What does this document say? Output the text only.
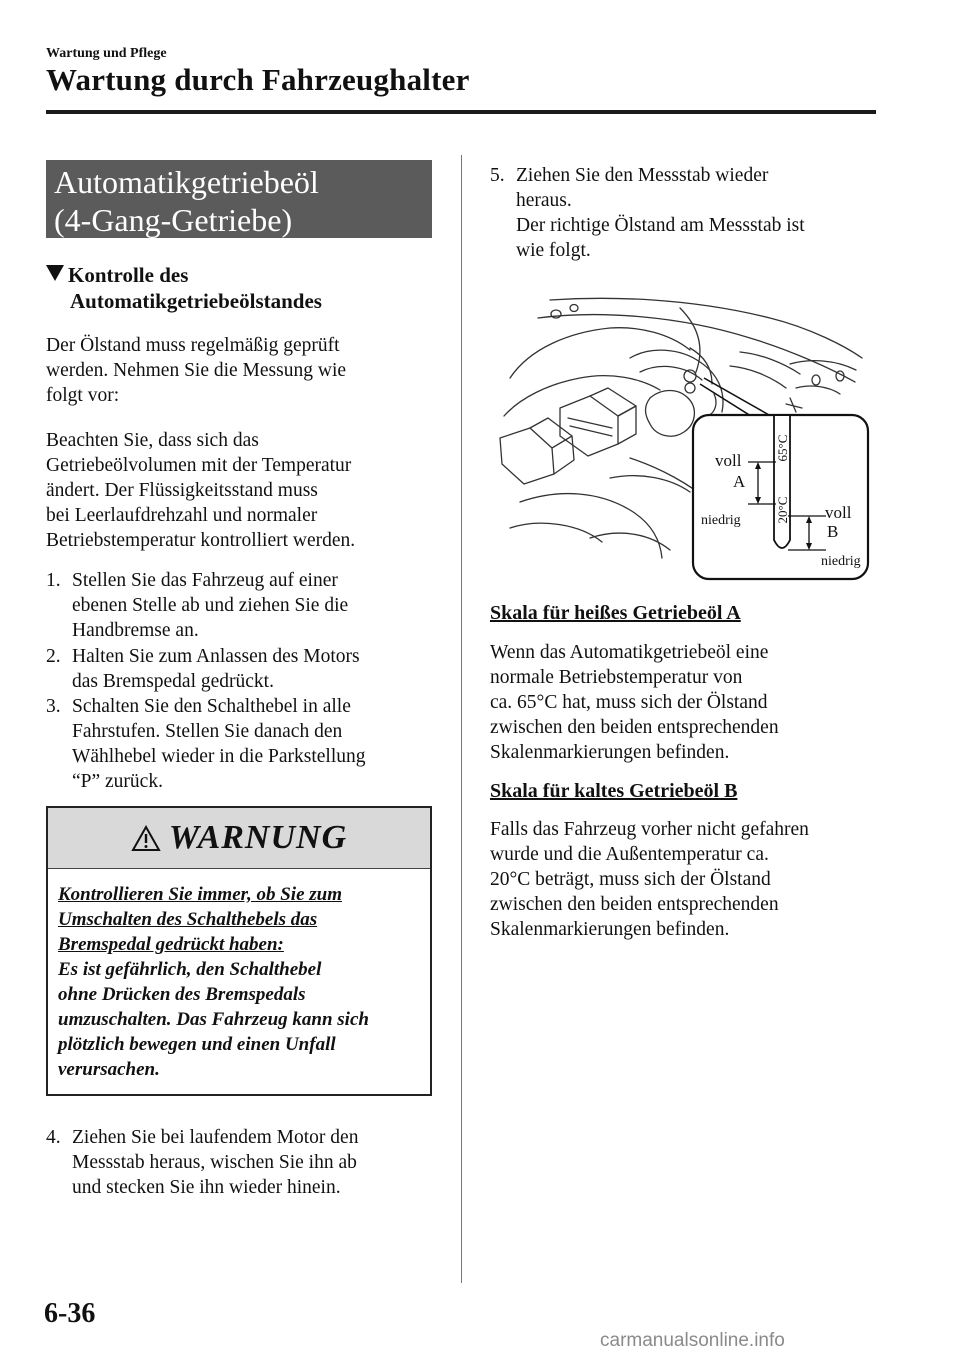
Wartung und Pflege
Wartung durch Fahrzeughalter
Automatikgetriebeöl
(4-Gang-Getriebe)
Kontrolle des
Automatikgetriebeölstandes
Der Ölstand muss regelmäßig geprüft
werden. Nehmen Sie die Messung wie
folgt vor:
Beachten Sie, dass sich das
Getriebeölvolumen mit der Temperatur
ändert. Der Flüssigkeitsstand muss
bei Leerlaufdrehzahl und normaler
Betriebstemperatur kontrolliert werden.
1. Stellen Sie das Fahrzeug auf einer
ebenen Stelle ab und ziehen Sie die
Handbremse an.
2. Halten Sie zum Anlassen des Motors
das Bremspedal gedrückt.
3. Schalten Sie den Schalthebel in alle
Fahrstufen. Stellen Sie danach den
Wählhebel wieder in die Parkstellung
“P” zurück.
WARNUNG
Kontrollieren Sie immer, ob Sie zum
Umschalten des Schalthebels das
Bremspedal gedrückt haben:
Es ist gefährlich, den Schalthebel
ohne Drücken des Bremspedals
umzuschalten. Das Fahrzeug kann sich
plötzlich bewegen und einen Unfall
verursachen.
4. Ziehen Sie bei laufendem Motor den
Messstab heraus, wischen Sie ihn ab
und stecken Sie ihn wieder hinein.
5. Ziehen Sie den Messstab wieder
heraus.
Der richtige Ölstand am Messstab ist
wie folgt.
65°C
20°C
voll
A
niedrig	voll
B
niedrig
Skala für heißes Getriebeöl A
Wenn das Automatikgetriebeöl eine
normale Betriebstemperatur von
ca. 65°C hat, muss sich der Ölstand
zwischen den beiden entsprechenden
Skalenmarkierungen befinden.
Skala für kaltes Getriebeöl B
Falls das Fahrzeug vorher nicht gefahren
wurde und die Außentemperatur ca.
20°C beträgt, muss sich der Ölstand
zwischen den beiden entsprechenden
Skalenmarkierungen befinden.
6-36
carmanualsonline.info
